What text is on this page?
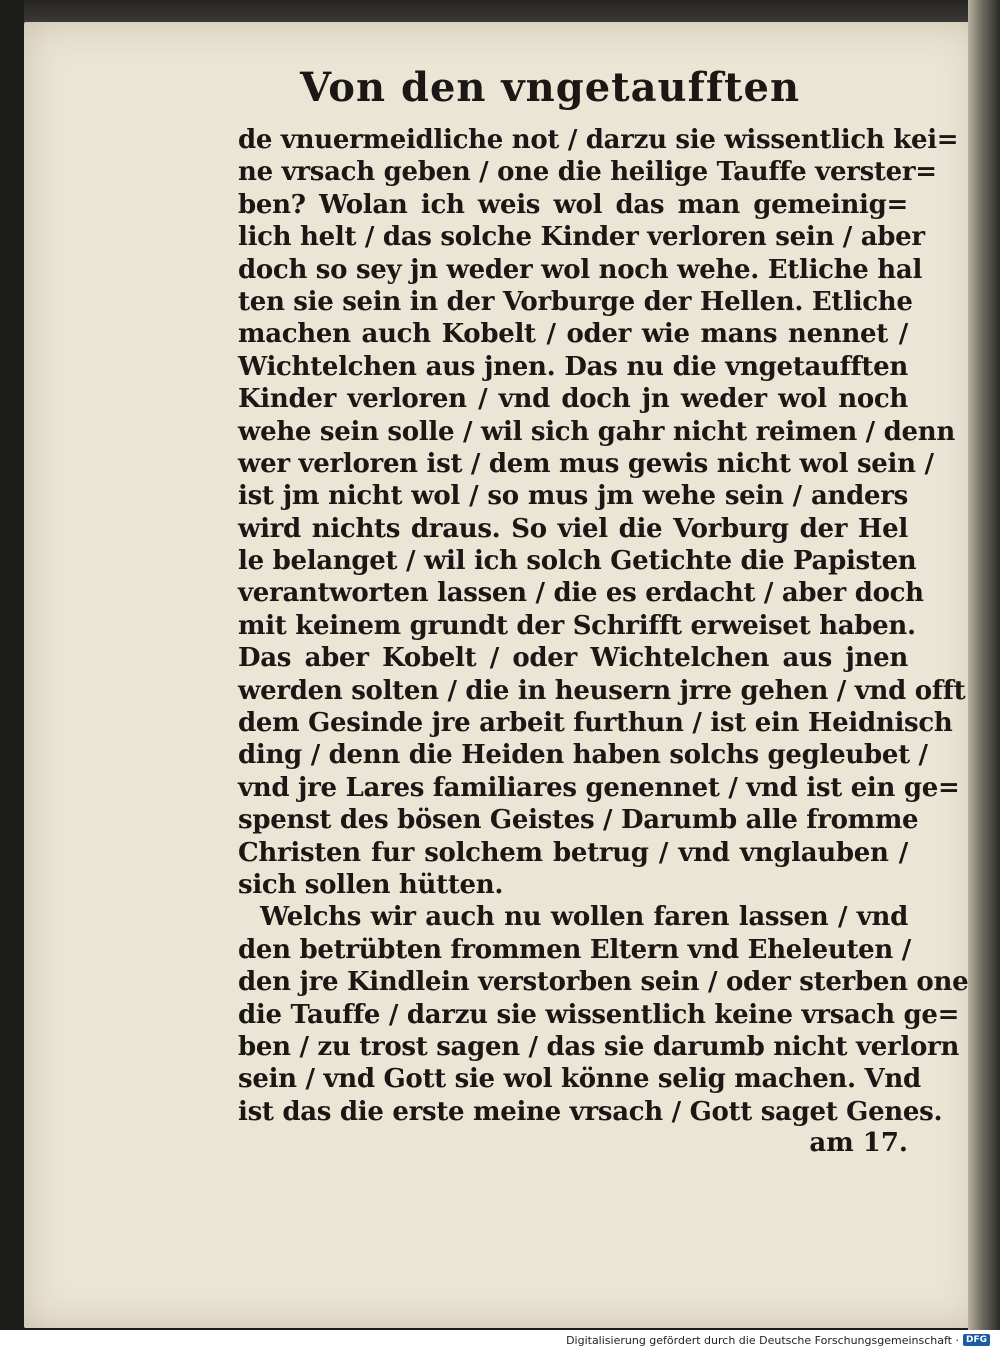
Von den vngetaufften
de vnuermeidliche not / darzu sie wissentlich kei=
ne vrsach geben / one die heilige Tauffe verster=
ben? Wolan ich weis wol das man gemeinig=
lich helt / das solche Kinder verloren sein / aber
doch so sey jn weder wol noch wehe. Etliche hal
ten sie sein in der Vorburge der Hellen. Etliche
machen auch Kobelt / oder wie mans nennet /
Wichtelchen aus jnen. Das nu die vngetaufften
Kinder verloren / vnd doch jn weder wol noch
wehe sein solle / wil sich gahr nicht reimen / denn
wer verloren ist / dem mus gewis nicht wol sein /
ist jm nicht wol / so mus jm wehe sein / anders
wird nichts draus. So viel die Vorburg der Hel
le belanget / wil ich solch Getichte die Papisten
verantworten lassen / die es erdacht / aber doch
mit keinem grundt der Schrifft erweiset haben.
Das aber Kobelt / oder Wichtelchen aus jnen
werden solten / die in heusern jrre gehen / vnd offt
dem Gesinde jre arbeit furthun / ist ein Heidnisch
ding / denn die Heiden haben solchs gegleubet /
vnd jre Lares familiares genennet / vnd ist ein ge=
spenst des bösen Geistes / Darumb alle fromme
Christen fur solchem betrug / vnd vnglauben /
sich sollen hütten.
Welchs wir auch nu wollen faren lassen / vnd
den betrübten frommen Eltern vnd Eheleuten /
den jre Kindlein verstorben sein / oder sterben one
die Tauffe / darzu sie wissentlich keine vrsach ge=
ben / zu trost sagen / das sie darumb nicht verlorn
sein / vnd Gott sie wol könne selig machen. Vnd
ist das die erste meine vrsach / Gott saget Genes.
am 17.
Digitalisierung gefördert durch die Deutsche Forschungsgemeinschaft · DFG
